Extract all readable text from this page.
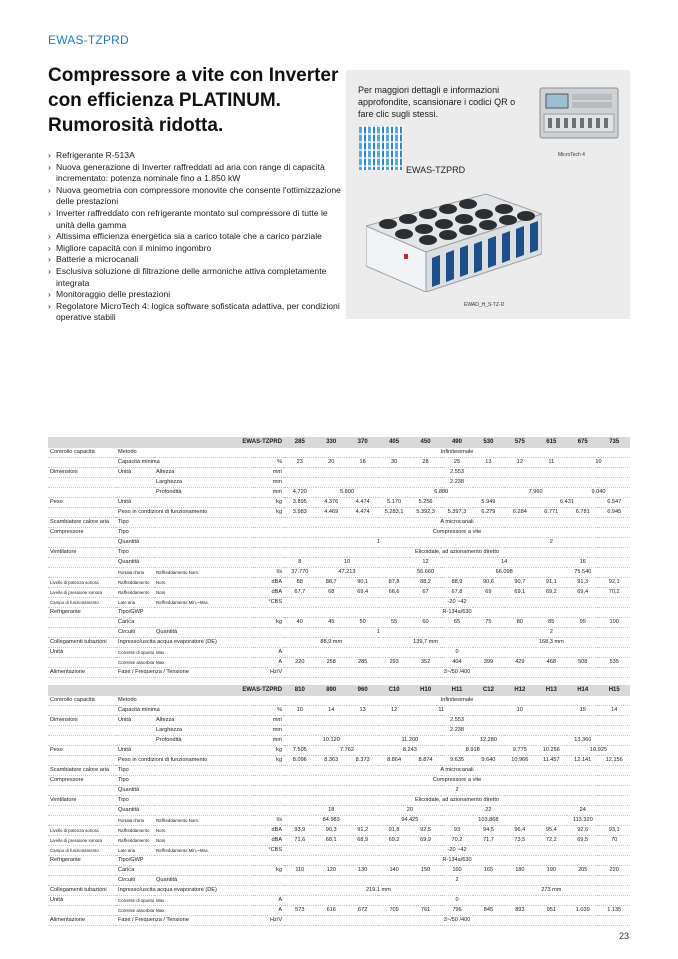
EWAS-TZPRD
Compressore a vite con Inverter
con efficienza PLATINUM.
Rumorosità ridotta.
› Refrigerante R-513A
› Nuova generazione di Inverter raffreddati ad aria con range di capacità incrementato: potenza nominale fino a 1.850 kW
› Nuova geometria con compressore monovite che consente l'ottimizzazione delle prestazioni
› Inverter raffreddato con refrigerante montato sul compressore di tutte le unità della gamma
› Altissima efficienza energetica sia a carico totale che a carico parziale
› Migliore capacità con il minimo ingombro
› Batterie a microcanali
› Esclusiva soluzione di filtrazione delle armoniche attiva completamente integrata
› Monitoraggio delle prestazioni
› Regolatore MicroTech 4: logica software sofisticata adattiva, per condizioni operative stabili
Per maggiori dettagli e informazioni approfondite, scansionare i codici QR o fare clic sugli stessi.
EWAS-TZPRD
MicroTech 4
EWAD_H_S-TZ-D
EWAS-TZPRD				285	330	370	405	450	490	530	575	615	675	735
Controllo capacità	Metodo			Infinitesimale										
	Capacità minima		%	23	20	18	30	28	25	13	12	11	10	
Dimensioni	Unità	Altezza	mm	2.553										
		Larghezza	mm	2.238										
		Profondità	mm	4.720	5.800		6.880				7.960		9.040	
Peso	Unità		kg	3.895	4.376	4.474	5.170	5.256	5.949			6.431		6.547
	Peso in condizioni di funzionamento		kg	3.983	4.469	4.474	5.283,1	5.392,3	5.397,3	6.279	6.284	6.771	6.781	6.945
Scambiatore calore aria	Tipo			A microcanali										
Compressore	Tipo			Compressore a vite										
	Quantità			1						2				
Ventilatore	Tipo			Elicoidale, ad azionamento diretto										
	Quantità			8	10		12			14		16		
	Portata d'aria	Raffreddamento Nom.	l/s	37.770	47.213		56.660			66.098		75.540		
Livello di potenza sonora	Raffreddamento	Nom.	dBA	88	88,7	90,1	87,8	88,2	88,9	90,6	90,7	91,1	91,3	92,1
Livello di pressione sonora	Raffreddamento	Nom.	dBA	67,7	68	69,4	66,6	67	67,8	69	69,1	69,2	69,4	70,2
Campo di funzionamento	Lato aria	Raffreddamento Min.~Max.	°CBS	-20 ~42										
Refrigerante	Tipo/GWP			R-134a/630										
	Carica		kg	40	45	50	55	60	65	75	80	85	95	100
	Circuiti	Quantità		1						2				
Collegamenti tubazioni	Ingresso/uscita acqua evaporatore (DE)			88,9 mm			139,7 mm			168,3 mm				
Unità	Corrente di spunto	Max	A	0										
	Corrente assorbita	Max	A	220	258	285	293	352	404	399	429	468	508	535
Alimentazione	Fase / Frequenza / Tensione		Hz/V	3~/50 /400										
EWAS-TZPRD				810	890	960	C10	H10	H11	C12	H12	H13	H14	H15
Controllo capacità	Metodo			Infinitesimale										
	Capacità minima		%	10	14	13	12	11		10			15	14
Dimensioni	Unità	Altezza	mm	2.553										
		Larghezza	mm	2.238										
		Profondità	mm	10.120			11.200		12.280			13.360		
Peso	Unità		kg	7.505	7.762		8.243		8.918		9.775	10.256	10.925	
	Peso in condizioni di funzionamento		kg	8.096	8.363	8.373	8.864	8.874	9.635	9.640	10.966	11.457	12.141	12.156
Scambiatore calore aria	Tipo			A microcanali										
Compressore	Tipo			Compressore a vite										
	Quantità			2										
Ventilatore	Tipo			Elicoidale, ad azionamento diretto										
	Quantità			18			20		22			24		
	Portata d'aria	Raffreddamento Nom.	l/s	84.983			94.425		103.868			113.320		
Livello di potenza sonora	Raffreddamento	Nom.	dBA	93,9	90,3	91,2	91,8	92,5	93	94,5	96,4	95,4	92,6	93,1
Livello di pressione sonora	Raffreddamento	Nom.	dBA	71,6	68,1	68,9	69,2	69,9	70,2	71,7	73,5	72,2	69,5	70
Campo di funzionamento	Lato aria	Raffreddamento Min.~Max.	°CBS	-20 ~42										
Refrigerante	Tipo/GWP			R-134a/630										
	Carica		kg	110	120	130	140	150	160	165	180	190	205	220
	Circuiti	Quantità		2										
Collegamenti tubazioni	Ingresso/uscita acqua evaporatore (DE)			219,1 mm						273 mm				
Unità	Corrente di spunto	Max	A	0										
	Corrente assorbita	Max	A	573	616	672	709	761	796	845	893	951	1.039	1.135
Alimentazione	Fase / Frequenza / Tensione		Hz/V	3~/50 /400										
23
